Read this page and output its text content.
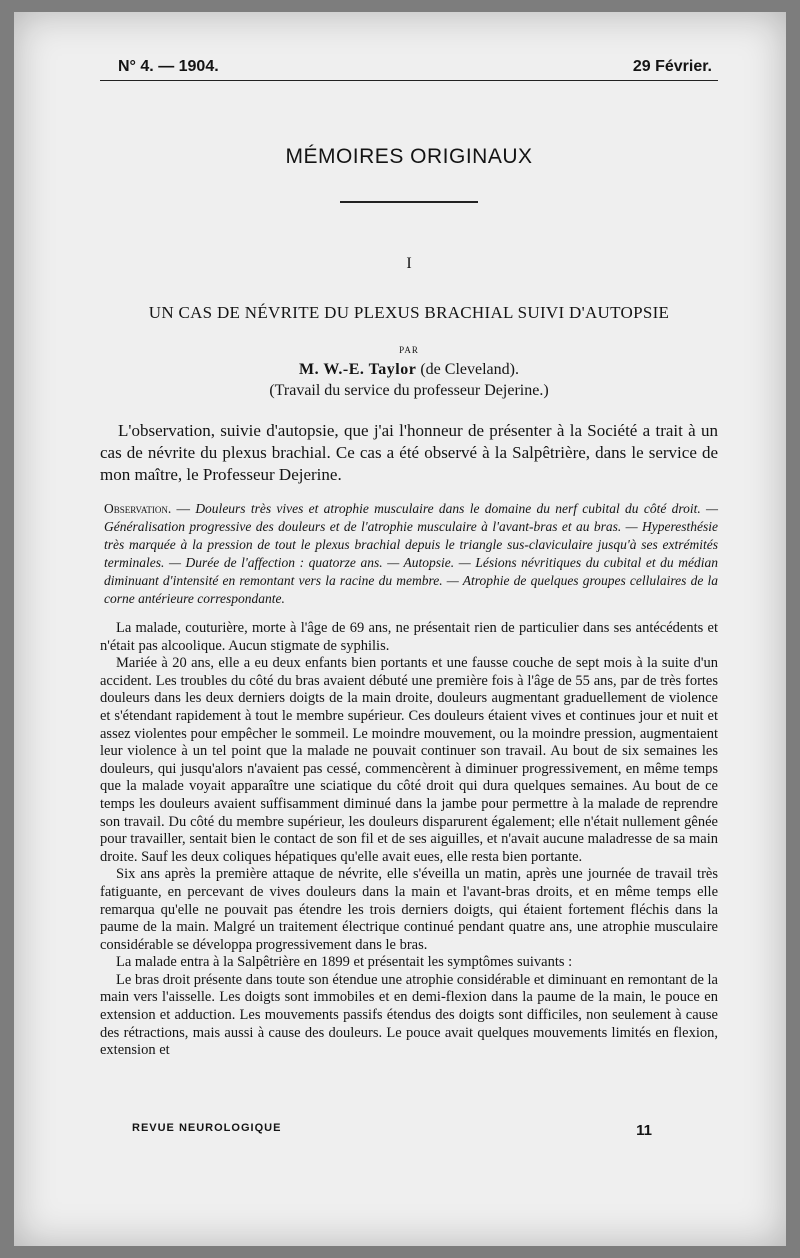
N° 4. — 1904.	29 Février.
MÉMOIRES ORIGINAUX
I
UN CAS DE NÉVRITE DU PLEXUS BRACHIAL SUIVI D'AUTOPSIE
PAR
M. W.-E. Taylor (de Cleveland).
(Travail du service du professeur Dejerine.)

L'observation, suivie d'autopsie, que j'ai l'honneur de présenter à la Société a trait à un cas de névrite du plexus brachial. Ce cas a été observé à la Salpêtrière, dans le service de mon maître, le Professeur Dejerine.

Observation. — Douleurs très vives et atrophie musculaire dans le domaine du nerf cubital du côté droit. — Généralisation progressive des douleurs et de l'atrophie musculaire à l'avant-bras et au bras. — Hyperesthésie très marquée à la pression de tout le plexus brachial depuis le triangle sus-claviculaire jusqu'à ses extrémités terminales. — Durée de l'affection : quatorze ans. — Autopsie. — Lésions névritiques du cubital et du médian diminuant d'intensité en remontant vers la racine du membre. — Atrophie de quelques groupes cellulaires de la corne antérieure correspondante.

La malade, couturière, morte à l'âge de 69 ans, ne présentait rien de particulier dans ses antécédents et n'était pas alcoolique. Aucun stigmate de syphilis.

Mariée à 20 ans, elle a eu deux enfants bien portants et une fausse couche de sept mois à la suite d'un accident. Les troubles du côté du bras avaient débuté une première fois à l'âge de 55 ans, par de très fortes douleurs dans les deux derniers doigts de la main droite, douleurs augmentant graduellement de violence et s'étendant rapidement à tout le membre supérieur. Ces douleurs étaient vives et continues jour et nuit et assez violentes pour empêcher le sommeil. Le moindre mouvement, ou la moindre pression, augmentaient leur violence à un tel point que la malade ne pouvait continuer son travail. Au bout de six semaines les douleurs, qui jusqu'alors n'avaient pas cessé, commencèrent à diminuer progressivement, en même temps que la malade voyait apparaître une sciatique du côté droit qui dura quelques semaines. Au bout de ce temps les douleurs avaient suffisamment diminué dans la jambe pour permettre à la malade de reprendre son travail. Du côté du membre supérieur, les douleurs disparurent également; elle n'était nullement gênée pour travailler, sentait bien le contact de son fil et de ses aiguilles, et n'avait aucune maladresse de sa main droite. Sauf les deux coliques hépatiques qu'elle avait eues, elle resta bien portante.

Six ans après la première attaque de névrite, elle s'éveilla un matin, après une journée de travail très fatiguante, en percevant de vives douleurs dans la main et l'avant-bras droits, et en même temps elle remarqua qu'elle ne pouvait pas étendre les trois derniers doigts, qui étaient fortement fléchis dans la paume de la main. Malgré un traitement électrique continué pendant quatre ans, une atrophie musculaire considérable se développa progressivement dans le bras.

La malade entra à la Salpêtrière en 1899 et présentait les symptômes suivants :

Le bras droit présente dans toute son étendue une atrophie considérable et diminuant en remontant de la main vers l'aisselle. Les doigts sont immobiles et en demi-flexion dans la paume de la main, le pouce en extension et adduction. Les mouvements passifs étendus des doigts sont difficiles, non seulement à cause des rétractions, mais aussi à cause des douleurs. Le pouce avait quelques mouvements limités en flexion, extension et

REVUE NEUROLOGIQUE	11
